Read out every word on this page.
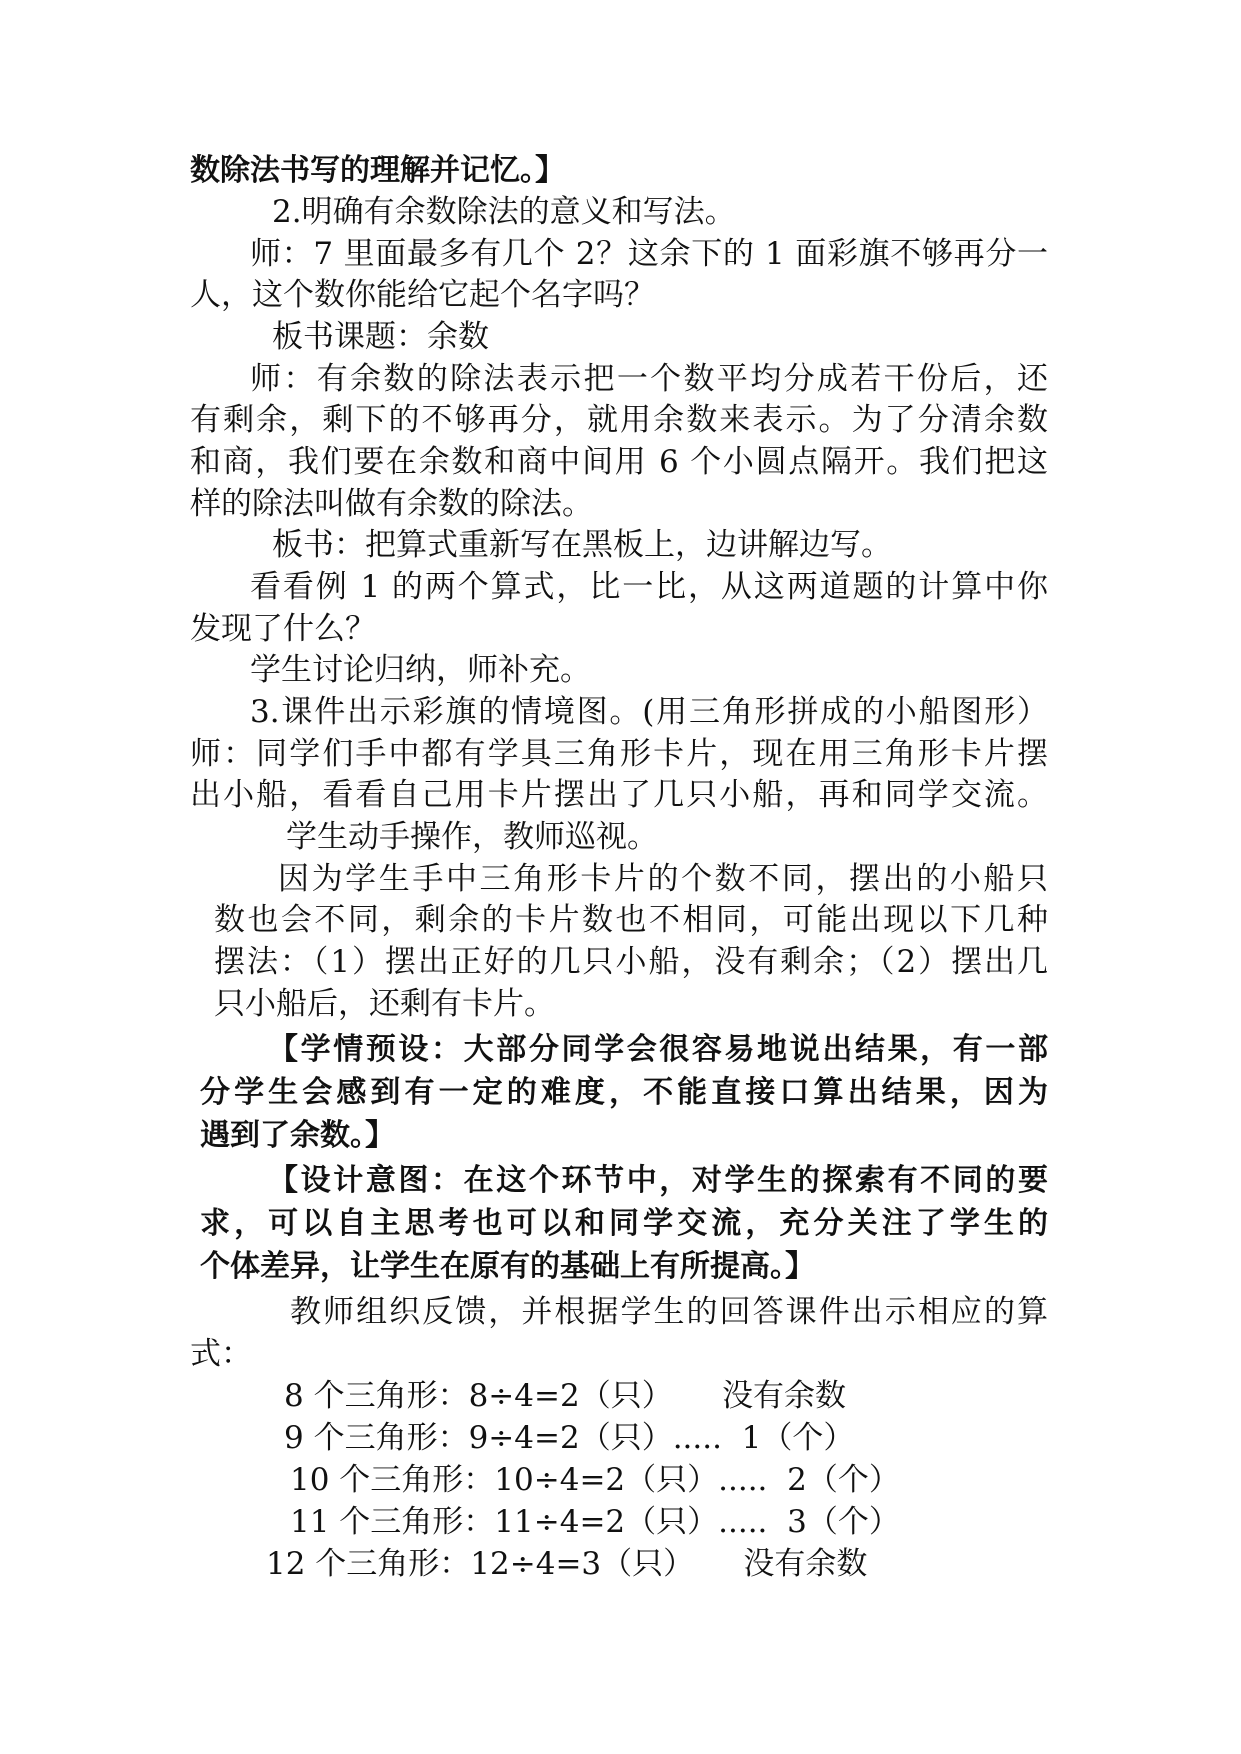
数除法书写的理解并记忆。】
2.明确有余数除法的意义和写法。
师：7 里面最多有几个 2？这余下的 1 面彩旗不够再分一
人，这个数你能给它起个名字吗？
板书课题：余数
师：有余数的除法表示把一个数平均分成若干份后，还
有剩余，剩下的不够再分，就用余数来表示。为了分清余数
和商，我们要在余数和商中间用 6 个小圆点隔开。我们把这
样的除法叫做有余数的除法。
板书：把算式重新写在黑板上，边讲解边写。
看看例 1 的两个算式，比一比，从这两道题的计算中你
发现了什么？
学生讨论归纳，师补充。
3.课件出示彩旗的情境图。(用三角形拼成的小船图形）
师：同学们手中都有学具三角形卡片，现在用三角形卡片摆
出小船，看看自己用卡片摆出了几只小船，再和同学交流。
学生动手操作，教师巡视。
因为学生手中三角形卡片的个数不同，摆出的小船只
数也会不同，剩余的卡片数也不相同，可能出现以下几种
摆法：（1）摆出正好的几只小船，没有剩余；（2）摆出几
只小船后，还剩有卡片。
【学情预设：大部分同学会很容易地说出结果，有一部
分学生会感到有一定的难度，不能直接口算出结果，因为
遇到了余数。】
【设计意图：在这个环节中，对学生的探索有不同的要
求，可以自主思考也可以和同学交流，充分关注了学生的
个体差异，让学生在原有的基础上有所提高。】
教师组织反馈，并根据学生的回答课件出示相应的算
式：
8 个三角形：8÷4=2（只）     没有余数
9 个三角形：9÷4=2（只）.....  1（个）
10 个三角形：10÷4=2（只）.....  2（个）
11 个三角形：11÷4=2（只）.....  3（个）
12 个三角形：12÷4=3（只）     没有余数
